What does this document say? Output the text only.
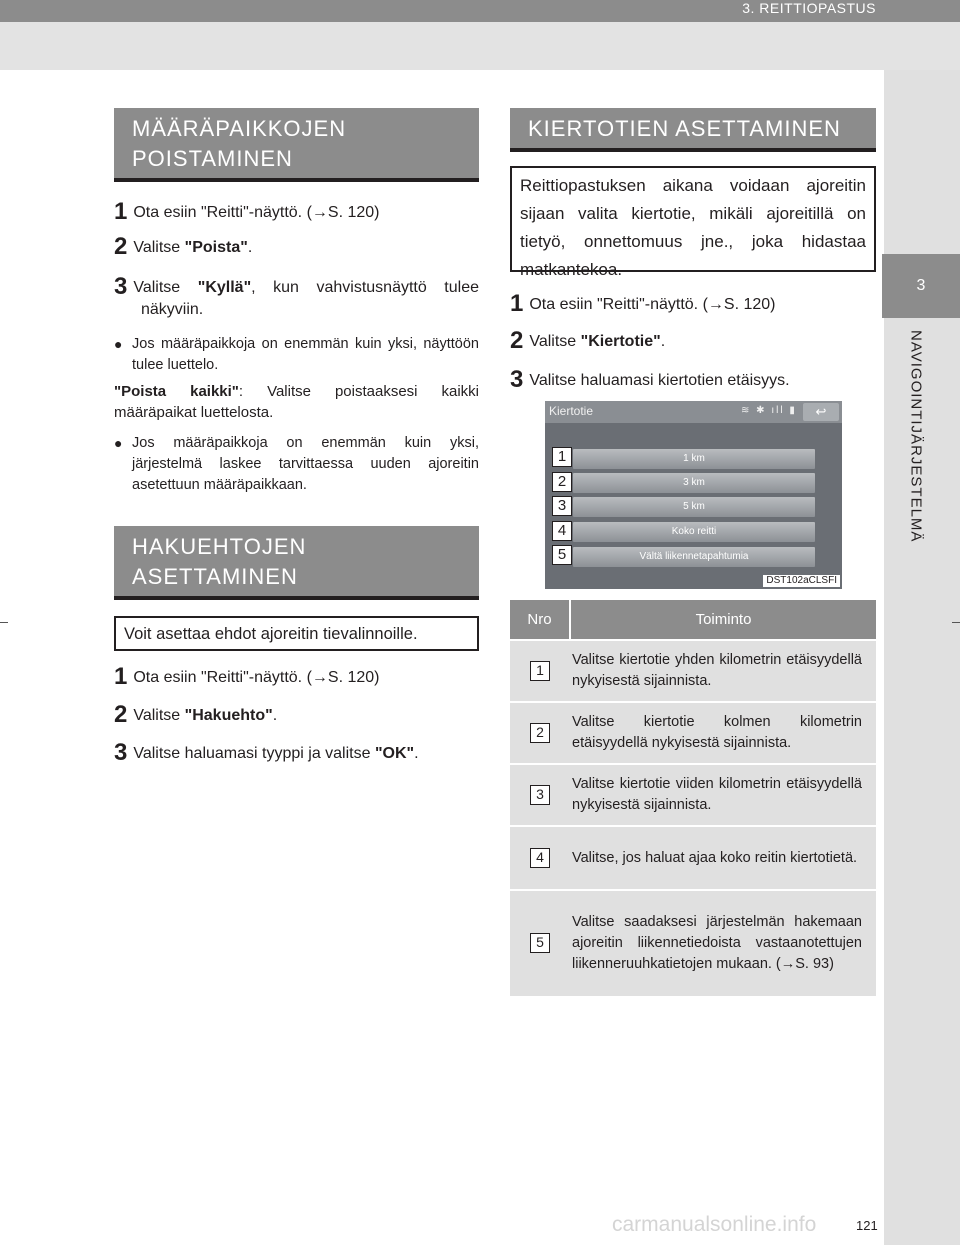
3. REITTIOPASTUS
3
NAVIGOINTIJÄRJESTELMÄ
MÄÄRÄPAIKKOJEN POISTAMINEN
1 Ota esiin "Reitti"-näyttö. (→S. 120)
2 Valitse "Poista".
3 Valitse "Kyllä", kun vahvistusnäyttö tulee näkyviin.
● Jos määräpaikkoja on enemmän kuin yksi, näyttöön tulee luettelo.
"Poista kaikki": Valitse poistaaksesi kaikki määräpaikat luettelosta.
● Jos määräpaikkoja on enemmän kuin yksi, järjestelmä laskee tarvittaessa uuden ajoreitin asetettuun määräpaikkaan.
HAKUEHTOJEN ASETTAMINEN
Voit asettaa ehdot ajoreitin tievalinnoille.
1 Ota esiin "Reitti"-näyttö. (→S. 120)
2 Valitse "Hakuehto".
3 Valitse haluamasi tyyppi ja valitse "OK".
KIERTOTIEN ASETTAMINEN
Reittiopastuksen aikana voidaan ajoreitin sijaan valita kiertotie, mikäli ajoreitillä on tietyö, onnettomuus jne., joka hidastaa matkantekoa.
1 Ota esiin "Reitti"-näyttö. (→S. 120)
2 Valitse "Kiertotie".
3 Valitse haluamasi kiertotien etäisyys.
Kiertotie	≋ ✱ ıll ▮	↩
1 km
3 km
5 km
Koko reitti
Vältä liikennetapahtumia
DST102aCLSFI
1
2
3
4
5
Nro	Toiminto
1	Valitse kiertotie yhden kilometrin etäisyydellä nykyisestä sijainnista.
2	Valitse kiertotie kolmen kilometrin etäisyydellä nykyisestä sijainnista.
3	Valitse kiertotie viiden kilometrin etäisyydellä nykyisestä sijainnista.
4	Valitse, jos haluat ajaa koko reitin kiertotietä.
5	Valitse saadaksesi järjestelmän hakemaan ajoreitin liikennetiedoista vastaanotettujen liikenneruuhkatietojen mukaan. (→S. 93)
carmanualsonline.info	121
